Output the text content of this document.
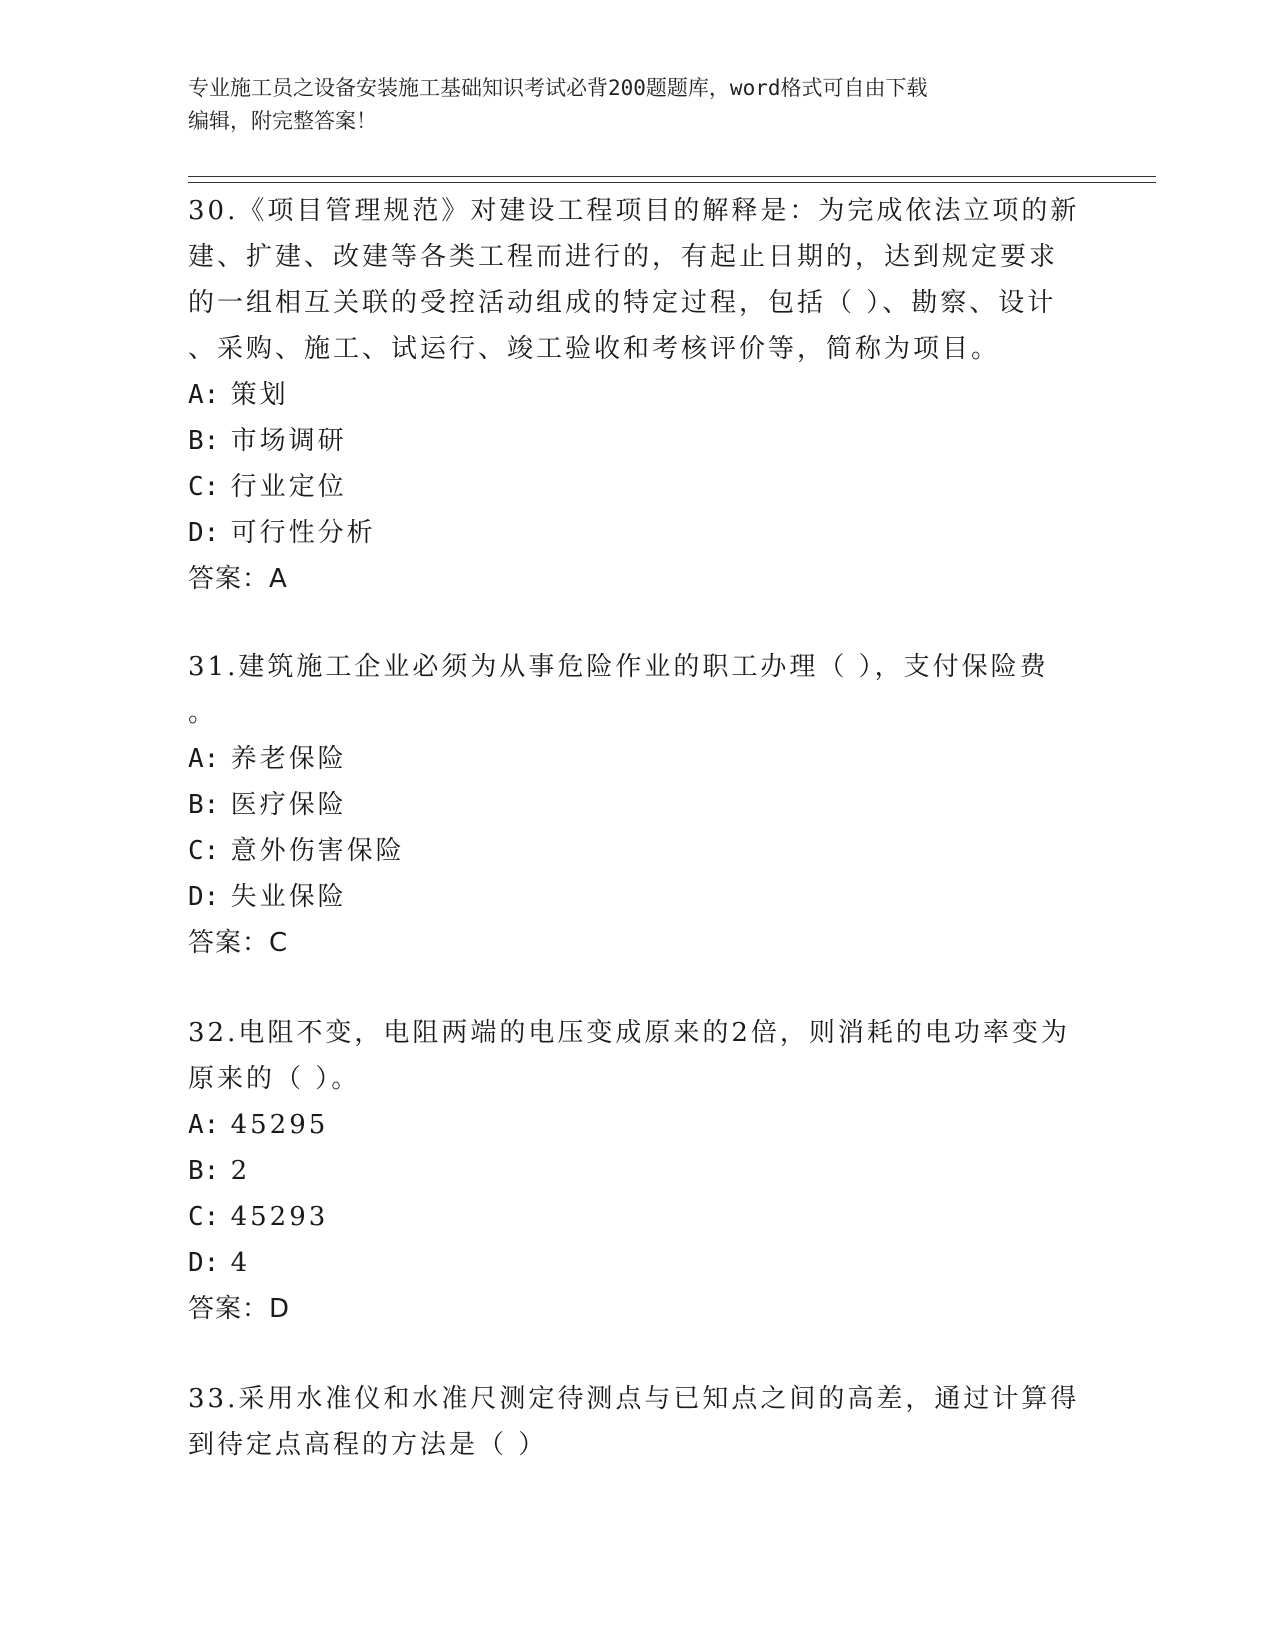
专业施工员之设备安装施工基础知识考试必背200题题库，word格式可自由下载
编辑，附完整答案！

30.《项目管理规范》对建设工程项目的解释是：为完成依法立项的新

建、扩建、改建等各类工程而进行的，有起止日期的，达到规定要求

的一组相互关联的受控活动组成的特定过程，包括（ ）、勘察、设计

、采购、施工、试运行、竣工验收和考核评价等，简称为项目。

A: 策划

B: 市场调研

C: 行业定位

D: 可行性分析

答案：A

31.建筑施工企业必须为从事危险作业的职工办理（ ），支付保险费

。

A: 养老保险

B: 医疗保险

C: 意外伤害保险

D: 失业保险

答案：C

32.电阻不变，电阻两端的电压变成原来的2倍，则消耗的电功率变为

原来的（ ）。

A: 45295

B: 2

C: 45293

D: 4

答案：D

33.采用水准仪和水准尺测定待测点与已知点之间的高差，通过计算得

到待定点高程的方法是（ ）
